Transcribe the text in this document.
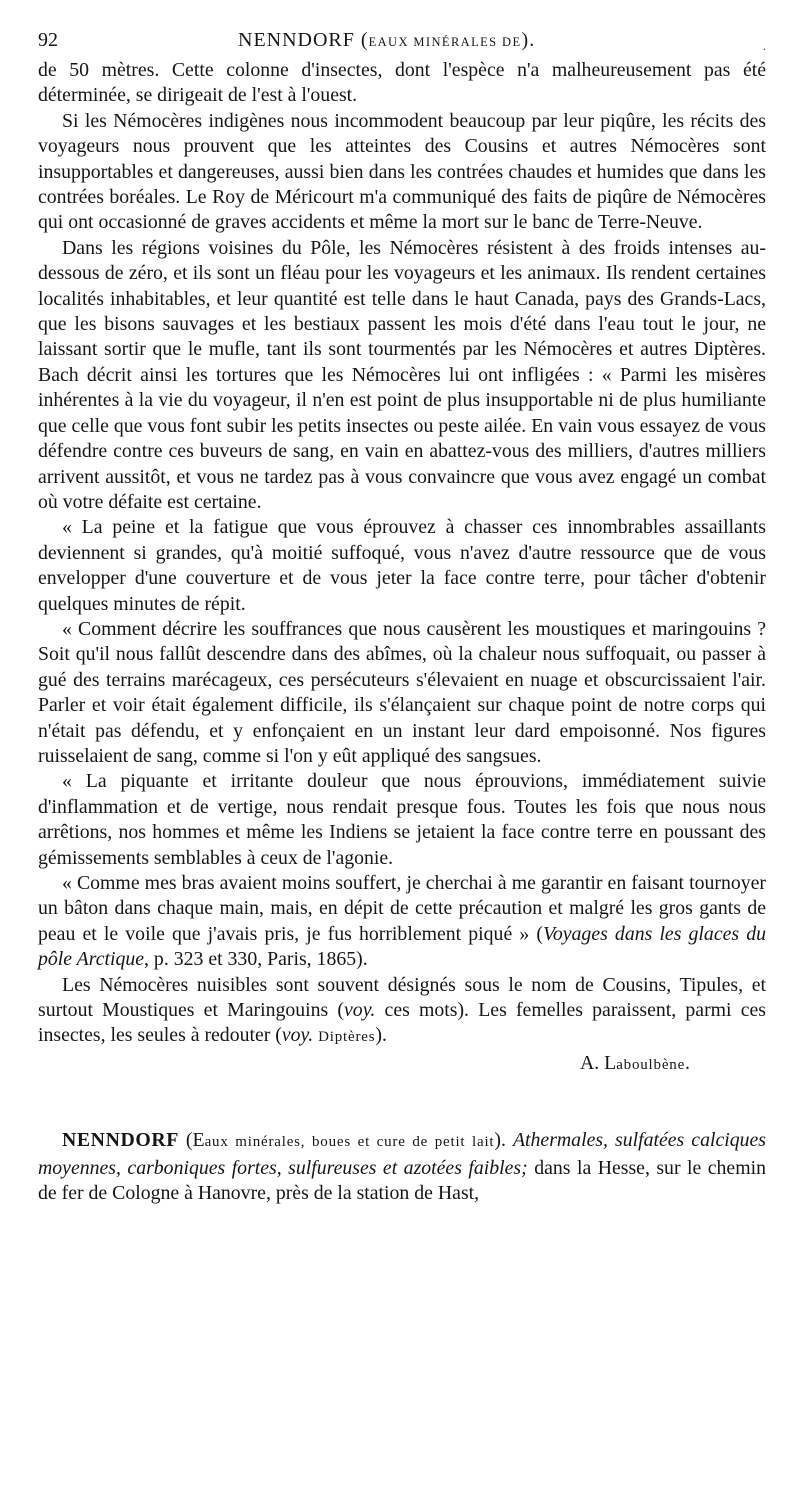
92	NENNDORF (EAUX MINÉRALES DE).	.

de 50 mètres. Cette colonne d'insectes, dont l'espèce n'a malheureusement pas été déterminée, se dirigeait de l'est à l'ouest.

Si les Némocères indigènes nous incommodent beaucoup par leur piqûre, les récits des voyageurs nous prouvent que les atteintes des Cousins et autres Némocères sont insupportables et dangereuses, aussi bien dans les contrées chaudes et humides que dans les contrées boréales. Le Roy de Méricourt m'a communiqué des faits de piqûre de Némocères qui ont occasionné de graves accidents et même la mort sur le banc de Terre-Neuve.

Dans les régions voisines du Pôle, les Némocères résistent à des froids intenses au-dessous de zéro, et ils sont un fléau pour les voyageurs et les animaux. Ils rendent certaines localités inhabitables, et leur quantité est telle dans le haut Canada, pays des Grands-Lacs, que les bisons sauvages et les bestiaux passent les mois d'été dans l'eau tout le jour, ne laissant sortir que le mufle, tant ils sont tourmentés par les Némocères et autres Diptères. Bach décrit ainsi les tortures que les Némocères lui ont infligées : « Parmi les misères inhérentes à la vie du voyageur, il n'en est point de plus insupportable ni de plus humiliante que celle que vous font subir les petits insectes ou peste ailée. En vain vous essayez de vous défendre contre ces buveurs de sang, en vain en abattez-vous des milliers, d'autres milliers arrivent aussitôt, et vous ne tardez pas à vous convaincre que vous avez engagé un combat où votre défaite est certaine.

« La peine et la fatigue que vous éprouvez à chasser ces innombrables assaillants deviennent si grandes, qu'à moitié suffoqué, vous n'avez d'autre ressource que de vous envelopper d'une couverture et de vous jeter la face contre terre, pour tâcher d'obtenir quelques minutes de répit.

« Comment décrire les souffrances que nous causèrent les moustiques et maringouins ? Soit qu'il nous fallût descendre dans des abîmes, où la chaleur nous suffoquait, ou passer à gué des terrains marécageux, ces persécuteurs s'élevaient en nuage et obscurcissaient l'air. Parler et voir était également difficile, ils s'élançaient sur chaque point de notre corps qui n'était pas défendu, et y enfonçaient en un instant leur dard empoisonné. Nos figures ruisselaient de sang, comme si l'on y eût appliqué des sangsues.

« La piquante et irritante douleur que nous éprouvions, immédiatement suivie d'inflammation et de vertige, nous rendait presque fous. Toutes les fois que nous nous arrêtions, nos hommes et même les Indiens se jetaient la face contre terre en poussant des gémissements semblables à ceux de l'agonie.

« Comme mes bras avaient moins souffert, je cherchai à me garantir en faisant tournoyer un bâton dans chaque main, mais, en dépit de cette précaution et malgré les gros gants de peau et le voile que j'avais pris, je fus horriblement piqué » (Voyages dans les glaces du pôle Arctique, p. 323 et 330, Paris, 1865).

Les Némocères nuisibles sont souvent désignés sous le nom de Cousins, Tipules, et surtout Moustiques et Maringouins (voy. ces mots). Les femelles paraissent, parmi ces insectes, les seules à redouter (voy. Diptères).

A. Laboulbène.

NENNDORF (Eaux minérales, boues et cure de petit lait). Athermales, sulfatées calciques moyennes, carboniques fortes, sulfureuses et azotées faibles; dans la Hesse, sur le chemin de fer de Cologne à Hanovre, près de la station de Hast,
